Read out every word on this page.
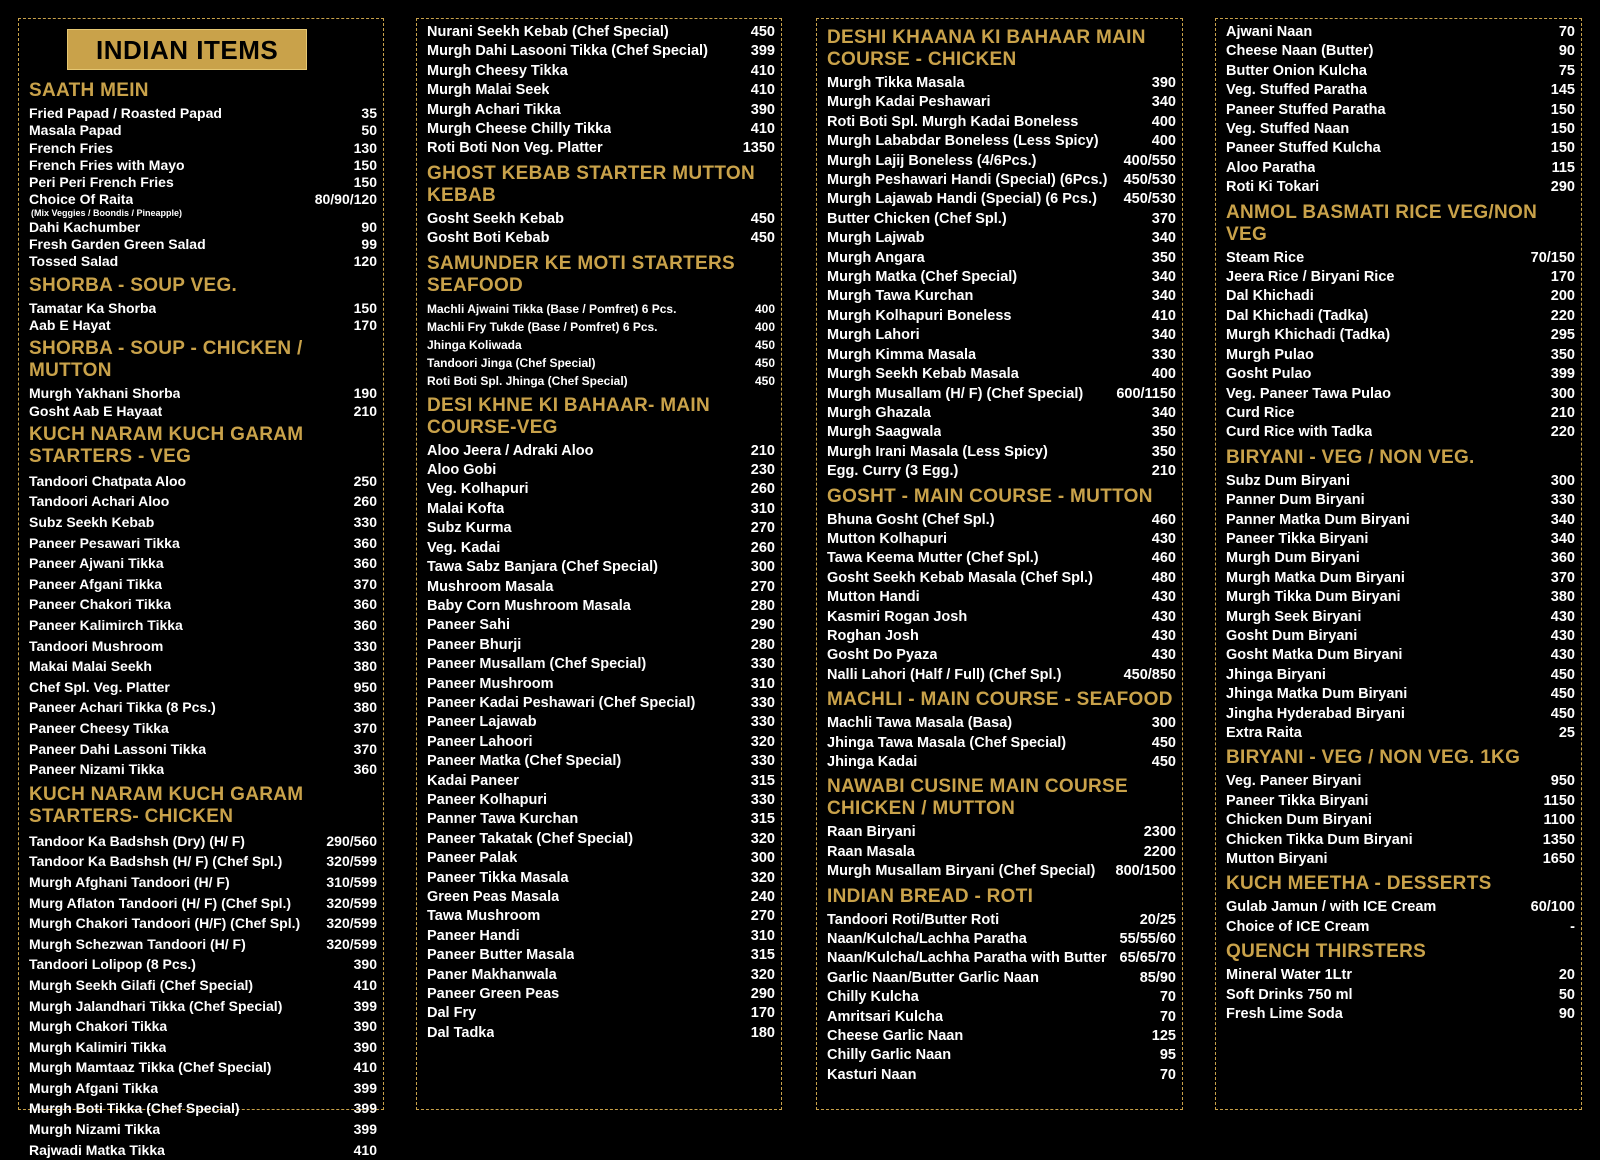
INDIAN ITEMS
SAATH MEIN
Fried Papad / Roasted Papad	35
Masala Papad	50
French Fries	130
French Fries with Mayo	150
Peri Peri French Fries	150
Choice Of Raita	80/90/120
(Mix Veggies / Boondis / Pineapple)
Dahi Kachumber	90
Fresh Garden Green Salad	99
Tossed Salad	120
SHORBA - SOUP VEG.
Tamatar Ka Shorba	150
Aab E Hayat	170
SHORBA - SOUP - CHICKEN / MUTTON
Murgh Yakhani Shorba	190
Gosht Aab E Hayaat	210
KUCH NARAM KUCH GARAM STARTERS - VEG
Tandoori Chatpata Aloo	250
Tandoori Achari Aloo	260
Subz Seekh Kebab	330
Paneer Pesawari Tikka	360
Paneer Ajwani Tikka	360
Paneer Afgani Tikka	370
Paneer Chakori Tikka	360
Paneer Kalimirch Tikka	360
Tandoori Mushroom	330
Makai Malai Seekh	380
Chef Spl. Veg. Platter	950
Paneer Achari Tikka (8 Pcs.)	380
Paneer Cheesy Tikka	370
Paneer Dahi Lassoni Tikka	370
Paneer Nizami Tikka	360
KUCH NARAM KUCH GARAM STARTERS- CHICKEN
Tandoor Ka Badshsh (Dry) (H/ F)	290/560
Tandoor Ka Badshsh (H/ F) (Chef Spl.)	320/599
Murgh Afghani Tandoori (H/ F)	310/599
Murg Aflaton Tandoori (H/ F) (Chef Spl.)	320/599
Murgh Chakori Tandoori (H/F) (Chef Spl.)	320/599
Murgh Schezwan Tandoori (H/ F)	320/599
Tandoori Lolipop (8 Pcs.)	390
Murgh Seekh Gilafi (Chef Special)	410
Murgh Jalandhari Tikka (Chef Special)	399
Murgh Chakori Tikka	390
Murgh Kalimiri Tikka	390
Murgh Mamtaaz Tikka (Chef Special)	410
Murgh Afgani Tikka	399
Murgh Boti Tikka (Chef Special)	399
Murgh Nizami Tikka	399
Rajwadi Matka Tikka	410
Nurani Seekh Kebab (Chef Special)	450
Murgh Dahi Lasooni Tikka (Chef Special)	399
Murgh Cheesy Tikka	410
Murgh Malai Seek	410
Murgh Achari Tikka	390
Murgh Cheese Chilly Tikka	410
Roti Boti Non Veg. Platter	1350
GHOST KEBAB STARTER MUTTON KEBAB
Gosht Seekh Kebab	450
Gosht Boti Kebab	450
SAMUNDER KE MOTI STARTERS SEAFOOD
Machli Ajwaini Tikka (Base / Pomfret) 6 Pcs.	400
Machli Fry Tukde (Base / Pomfret) 6 Pcs.	400
Jhinga Koliwada	450
Tandoori Jinga (Chef Special)	450
Roti Boti Spl. Jhinga (Chef Special)	450
DESI KHNE KI BAHAAR- MAIN COURSE-VEG
Aloo Jeera / Adraki Aloo	210
Aloo Gobi	230
Veg. Kolhapuri	260
Malai Kofta	310
Subz Kurma	270
Veg. Kadai	260
Tawa Sabz Banjara (Chef Special)	300
Mushroom Masala	270
Baby Corn Mushroom Masala	280
Paneer Sahi	290
Paneer Bhurji	280
Paneer Musallam (Chef Special)	330
Paneer Mushroom	310
Paneer Kadai Peshawari (Chef Special)	330
Paneer Lajawab	330
Paneer Lahoori	320
Paneer Matka (Chef Special)	330
Kadai Paneer	315
Paneer Kolhapuri	330
Panner Tawa Kurchan	315
Paneer Takatak (Chef Special)	320
Paneer Palak	300
Paneer Tikka Masala	320
Green Peas Masala	240
Tawa Mushroom	270
Paneer Handi	310
Paneer Butter Masala	315
Paner Makhanwala	320
Paneer Green Peas	290
Dal Fry	170
Dal Tadka	180
DESHI KHAANA KI BAHAAR MAIN COURSE - CHICKEN
Murgh Tikka Masala	390
Murgh Kadai Peshawari	340
Roti Boti Spl. Murgh Kadai Boneless	400
Murgh Lababdar Boneless (Less Spicy)	400
Murgh Lajij Boneless (4/6Pcs.)	400/550
Murgh Peshawari Handi (Special) (6Pcs.)	450/530
Murgh Lajawab Handi (Special) (6 Pcs.)	450/530
Butter Chicken (Chef Spl.)	370
Murgh Lajwab	340
Murgh Angara	350
Murgh Matka (Chef Special)	340
Murgh Tawa Kurchan	340
Murgh Kolhapuri Boneless	410
Murgh Lahori	340
Murgh Kimma Masala	330
Murgh Seekh Kebab Masala	400
Murgh Musallam (H/ F) (Chef Special)	600/1150
Murgh Ghazala	340
Murgh Saagwala	350
Murgh Irani Masala (Less Spicy)	350
Egg. Curry (3 Egg.)	210
GOSHT - MAIN COURSE - MUTTON
Bhuna Gosht (Chef Spl.)	460
Mutton Kolhapuri	430
Tawa Keema Mutter (Chef Spl.)	460
Gosht Seekh Kebab Masala (Chef Spl.)	480
Mutton Handi	430
Kasmiri Rogan Josh	430
Roghan Josh	430
Gosht Do Pyaza	430
Nalli Lahori (Half / Full) (Chef Spl.)	450/850
MACHLI - MAIN COURSE - SEAFOOD
Machli Tawa Masala (Basa)	300
Jhinga Tawa Masala (Chef Special)	450
Jhinga Kadai	450
NAWABI CUSINE MAIN COURSE CHICKEN / MUTTON
Raan Biryani	2300
Raan Masala	2200
Murgh Musallam Biryani (Chef Special)	800/1500
INDIAN BREAD - ROTI
Tandoori Roti/Butter Roti	20/25
Naan/Kulcha/Lachha Paratha	55/55/60
Naan/Kulcha/Lachha Paratha with Butter 65/65/70
Garlic Naan/Butter Garlic Naan	85/90
Chilly Kulcha	70
Amritsari Kulcha	70
Cheese Garlic Naan	125
Chilly Garlic Naan	95
Kasturi Naan	70
Ajwani Naan	70
Cheese Naan (Butter)	90
Butter Onion Kulcha	75
Veg. Stuffed Paratha	145
Paneer Stuffed Paratha	150
Veg. Stuffed Naan	150
Paneer Stuffed Kulcha	150
Aloo Paratha	115
Roti Ki Tokari	290
ANMOL BASMATI RICE VEG/NON VEG
Steam Rice	70/150
Jeera Rice / Biryani Rice	170
Dal Khichadi	200
Dal Khichadi (Tadka)	220
Murgh Khichadi (Tadka)	295
Murgh Pulao	350
Gosht Pulao	399
Veg. Paneer Tawa Pulao	300
Curd Rice	210
Curd Rice with Tadka	220
BIRYANI - VEG / NON VEG.
Subz Dum Biryani	300
Panner Dum Biryani	330
Panner Matka Dum Biryani	340
Paneer Tikka Biryani	340
Murgh Dum Biryani	360
Murgh Matka Dum Biryani	370
Murgh Tikka Dum Biryani	380
Murgh Seek Biryani	430
Gosht Dum Biryani	430
Gosht Matka Dum Biryani	430
Jhinga Biryani	450
Jhinga Matka Dum Biryani	450
Jingha Hyderabad Biryani	450
Extra Raita	25
BIRYANI - VEG / NON VEG. 1KG
Veg. Paneer Biryani	950
Paneer Tikka Biryani	1150
Chicken Dum Biryani	1100
Chicken Tikka Dum Biryani	1350
Mutton Biryani	1650
KUCH MEETHA - DESSERTS
Gulab Jamun / with ICE Cream	60/100
Choice of ICE Cream	-
QUENCH THIRSTERS
Mineral Water 1Ltr	20
Soft Drinks 750 ml	50
Fresh Lime Soda	90
